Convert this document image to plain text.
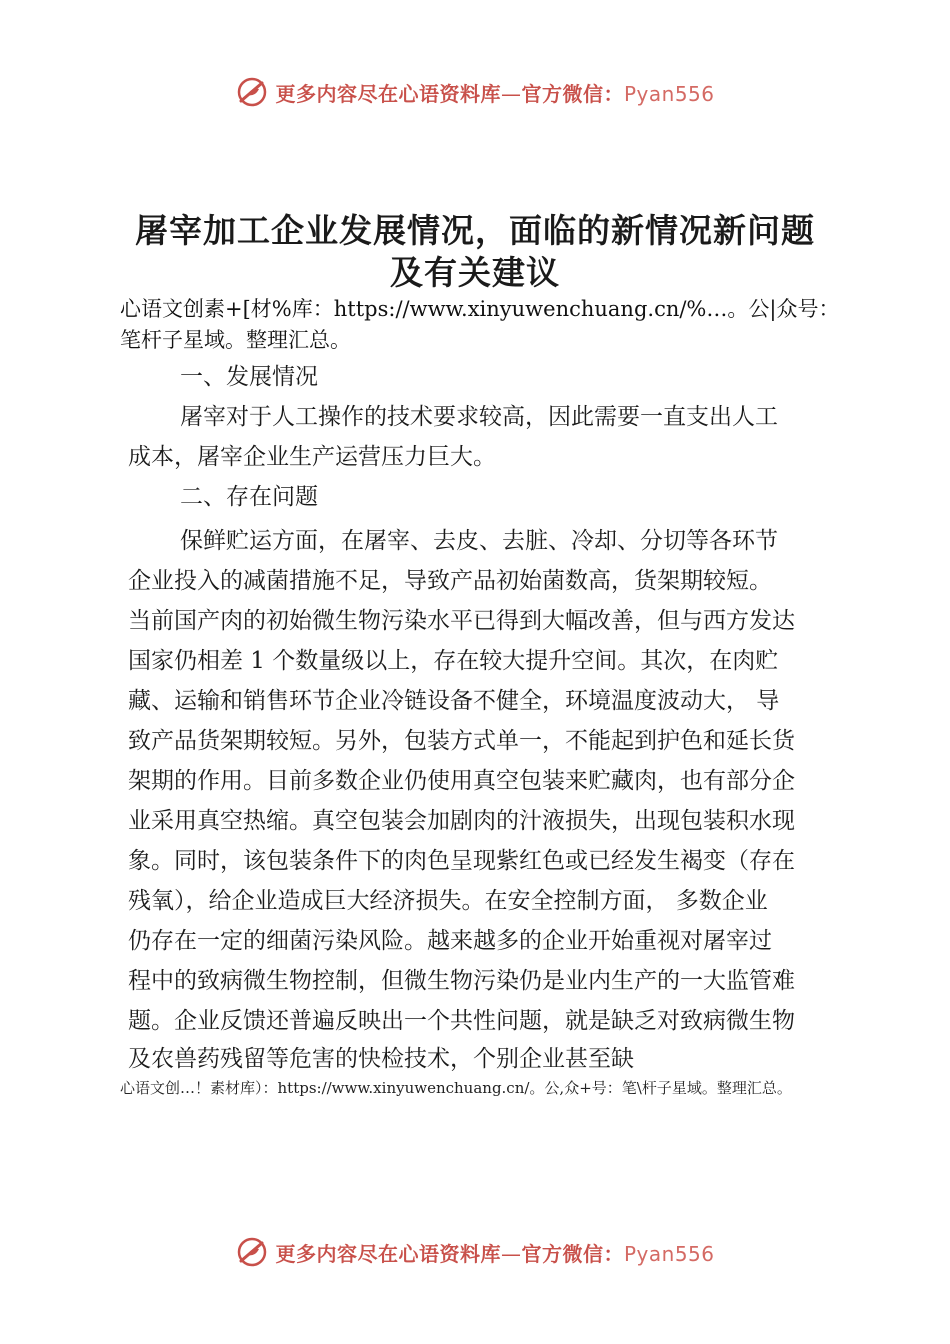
更多内容尽在心语资料库—官方微信：Pyan556
屠宰加工企业发展情况，面临的新情况新问题
及有关建议
心语文创素+[材%库：https://www.xinyuwenchuang.cn/%…。公|众号：笔杆子星域。整理汇总。
一、发展情况
屠宰对于人工操作的技术要求较高，因此需要一直支出人工
成本，屠宰企业生产运营压力巨大。
二、存在问题
保鲜贮运方面，在屠宰、去皮、去脏、冷却、分切等各环节
企业投入的减菌措施不足，导致产品初始菌数高，货架期较短。
当前国产肉的初始微生物污染水平已得到大幅改善，但与西方发达
国家仍相差 1 个数量级以上，存在较大提升空间。其次，在肉贮
藏、运输和销售环节企业冷链设备不健全，环境温度波动大， 导
致产品货架期较短。另外，包装方式单一，不能起到护色和延长货
架期的作用。目前多数企业仍使用真空包装来贮藏肉，也有部分企
业采用真空热缩。真空包装会加剧肉的汁液损失，出现包装积水现
象。同时，该包装条件下的肉色呈现紫红色或已经发生褐变（存在
残氧），给企业造成巨大经济损失。在安全控制方面， 多数企业
仍存在一定的细菌污染风险。越来越多的企业开始重视对屠宰过
程中的致病微生物控制，但微生物污染仍是业内生产的一大监管难
题。企业反馈还普遍反映出一个共性问题，就是缺乏对致病微生物
及农兽药残留等危害的快检技术，个别企业甚至缺
心语文创…！素材库）：https://www.xinyuwenchuang.cn/。公,众+号：笔\杆子星域。整理汇总。
更多内容尽在心语资料库—官方微信：Pyan556
